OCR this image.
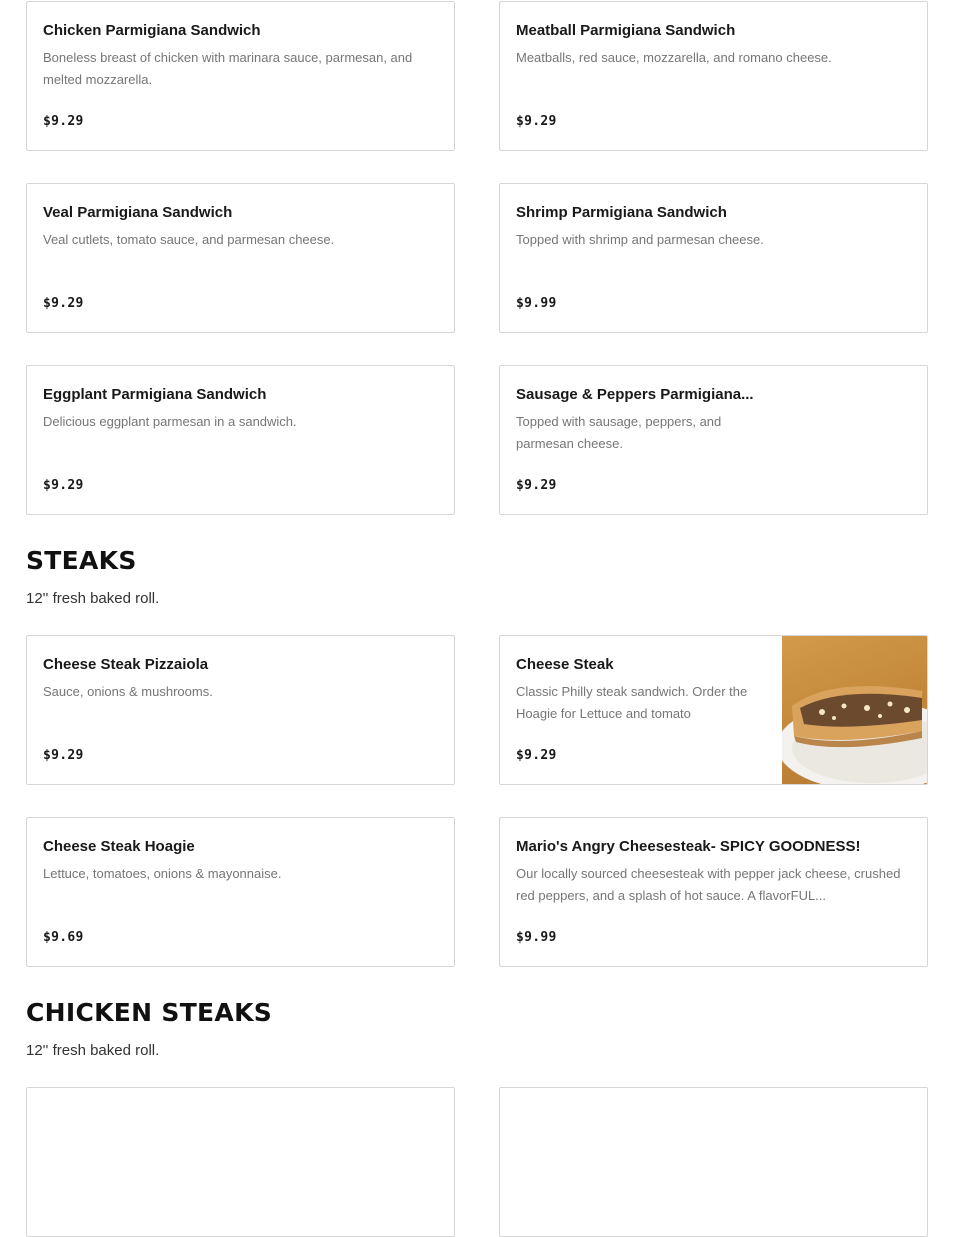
Chicken Parmigiana Sandwich
Boneless breast of chicken with marinara sauce, parmesan, and melted mozzarella.
$9.29
Meatball Parmigiana Sandwich
Meatballs, red sauce, mozzarella, and romano cheese.
$9.29
Veal Parmigiana Sandwich
Veal cutlets, tomato sauce, and parmesan cheese.
$9.29
Shrimp Parmigiana Sandwich
Topped with shrimp and parmesan cheese.
$9.99
Eggplant Parmigiana Sandwich
Delicious eggplant parmesan in a sandwich.
$9.29
Sausage & Peppers Parmigiana...
Topped with sausage, peppers, and parmesan cheese.
$9.29
STEAKS
12'' fresh baked roll.
Cheese Steak Pizzaiola
Sauce, onions & mushrooms.
$9.29
Cheese Steak
Classic Philly steak sandwich. Order the Hoagie for Lettuce and tomato
$9.29
Cheese Steak Hoagie
Lettuce, tomatoes, onions & mayonnaise.
$9.69
Mario's Angry Cheesesteak- SPICY GOODNESS!
Our locally sourced cheesesteak with pepper jack cheese, crushed red peppers, and a splash of hot sauce. A flavorFUL...
$9.99
CHICKEN STEAKS
12'' fresh baked roll.
